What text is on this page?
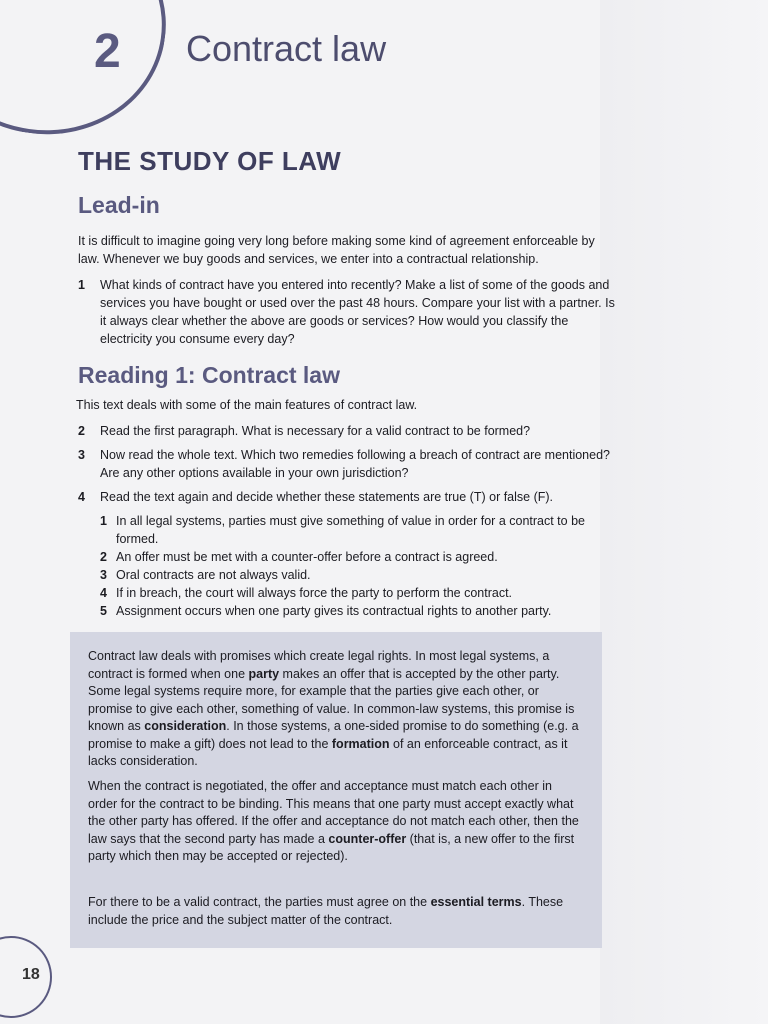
2 Contract law
THE STUDY OF LAW
Lead-in
It is difficult to imagine going very long before making some kind of agreement enforceable by law. Whenever we buy goods and services, we enter into a contractual relationship.
1	What kinds of contract have you entered into recently? Make a list of some of the goods and services you have bought or used over the past 48 hours. Compare your list with a partner. Is it always clear whether the above are goods or services? How would you classify the electricity you consume every day?
Reading 1: Contract law
This text deals with some of the main features of contract law.
2	Read the first paragraph. What is necessary for a valid contract to be formed?
3	Now read the whole text. Which two remedies following a breach of contract are mentioned? Are any other options available in your own jurisdiction?
4	Read the text again and decide whether these statements are true (T) or false (F).
1 In all legal systems, parties must give something of value in order for a contract to be formed.
2 An offer must be met with a counter-offer before a contract is agreed.
3 Oral contracts are not always valid.
4 If in breach, the court will always force the party to perform the contract.
5 Assignment occurs when one party gives its contractual rights to another party.
Contract law deals with promises which create legal rights. In most legal systems, a contract is formed when one party makes an offer that is accepted by the other party. Some legal systems require more, for example that the parties give each other, or promise to give each other, something of value. In common-law systems, this promise is known as consideration. In those systems, a one-sided promise to do something (e.g. a promise to make a gift) does not lead to the formation of an enforceable contract, as it lacks consideration.
When the contract is negotiated, the offer and acceptance must match each other in order for the contract to be binding. This means that one party must accept exactly what the other party has offered. If the offer and acceptance do not match each other, then the law says that the second party has made a counter-offer (that is, a new offer to the first party which then may be accepted or rejected).
For there to be a valid contract, the parties must agree on the essential terms. These include the price and the subject matter of the contract.
18
